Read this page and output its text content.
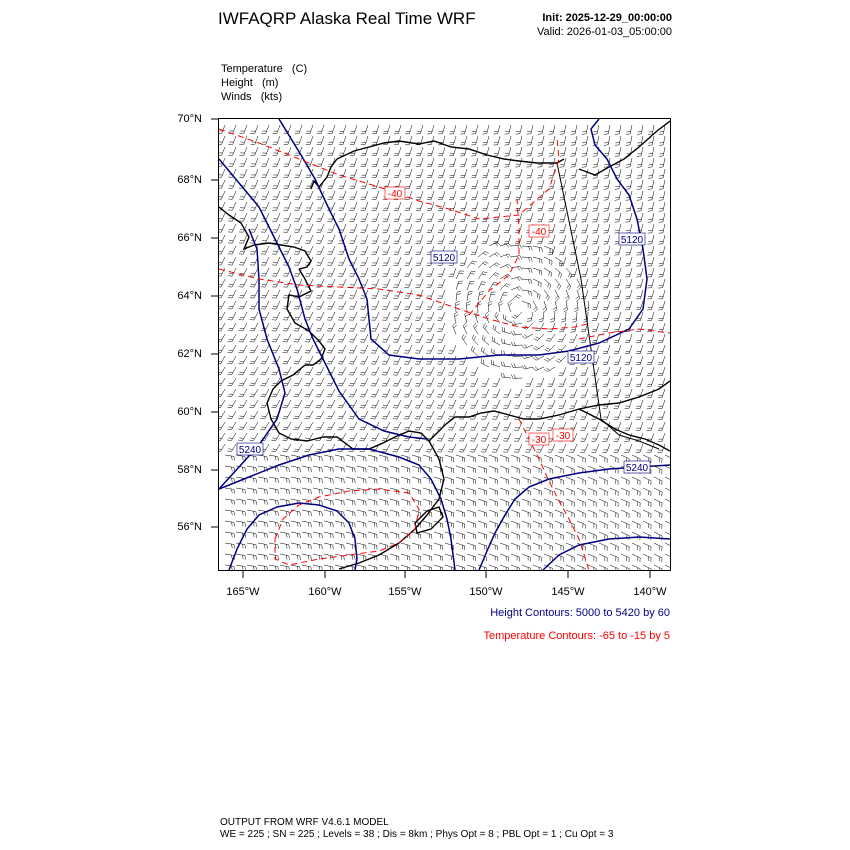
IWFAQRP Alaska Real Time WRF	Init: 2025-12-29_00:00:00
Valid: 2026-01-03_05:00:00
Temperature   (C)
Height   (m)
Winds   (kts)
70°N
68°N
66°N
64°N
62°N
60°N
58°N
56°N
165°W	160°W	155°W	150°W	145°W	140°W
5120
5120
5120
5240
5240
-40
-40
-30 -30
Height Contours: 5000 to 5420 by 60
Temperature Contours: -65 to -15 by 5
OUTPUT FROM WRF V4.6.1 MODEL
WE = 225 ; SN = 225 ; Levels = 38 ; Dis = 8km ; Phys Opt = 8 ; PBL Opt = 1 ; Cu Opt = 3
